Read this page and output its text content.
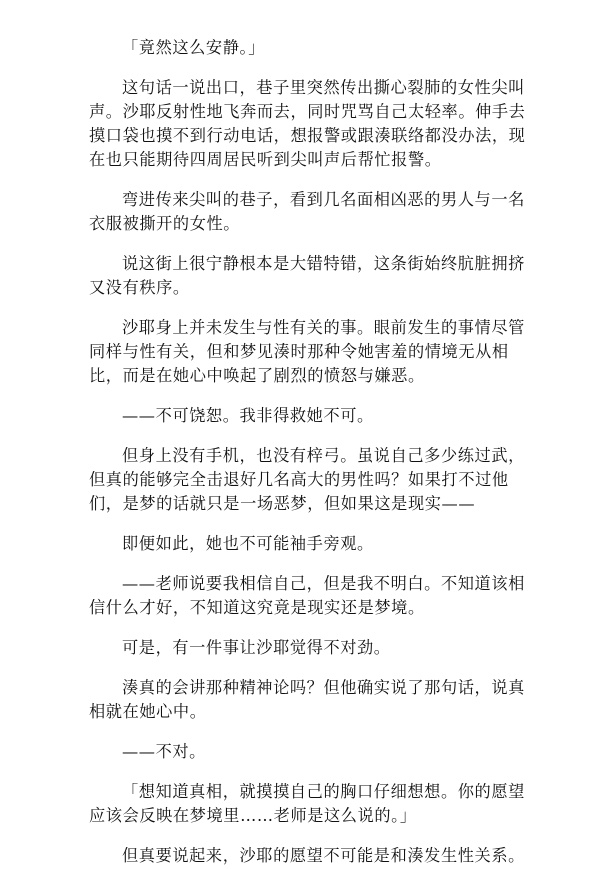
「竟然这么安静。」

这句话一说出口，巷子里突然传出撕心裂肺的女性尖叫声。沙耶反射性地飞奔而去，同时咒骂自己太轻率。伸手去摸口袋也摸不到行动电话，想报警或跟湊联络都没办法，现在也只能期待四周居民听到尖叫声后帮忙报警。

弯进传来尖叫的巷子，看到几名面相凶恶的男人与一名衣服被撕开的女性。

说这街上很宁静根本是大错特错，这条街始终肮脏拥挤又没有秩序。

沙耶身上并未发生与性有关的事。眼前发生的事情尽管同样与性有关，但和梦见湊时那种令她害羞的情境无从相比，而是在她心中唤起了剧烈的愤怒与嫌恶。

——不可饶恕。我非得救她不可。

但身上没有手机，也没有梓弓。虽说自己多少练过武，但真的能够完全击退好几名高大的男性吗？如果打不过他们，是梦的话就只是一场恶梦，但如果这是现实——

即便如此，她也不可能袖手旁观。

——老师说要我相信自己，但是我不明白。不知道该相信什么才好，不知道这究竟是现实还是梦境。

可是，有一件事让沙耶觉得不对劲。

湊真的会讲那种精神论吗？但他确实说了那句话，说真相就在她心中。

——不对。

「想知道真相，就摸摸自己的胸口仔细想想。你的愿望应该会反映在梦境里……老师是这么说的。」

但真要说起来，沙耶的愿望不可能是和湊发生性关系。
